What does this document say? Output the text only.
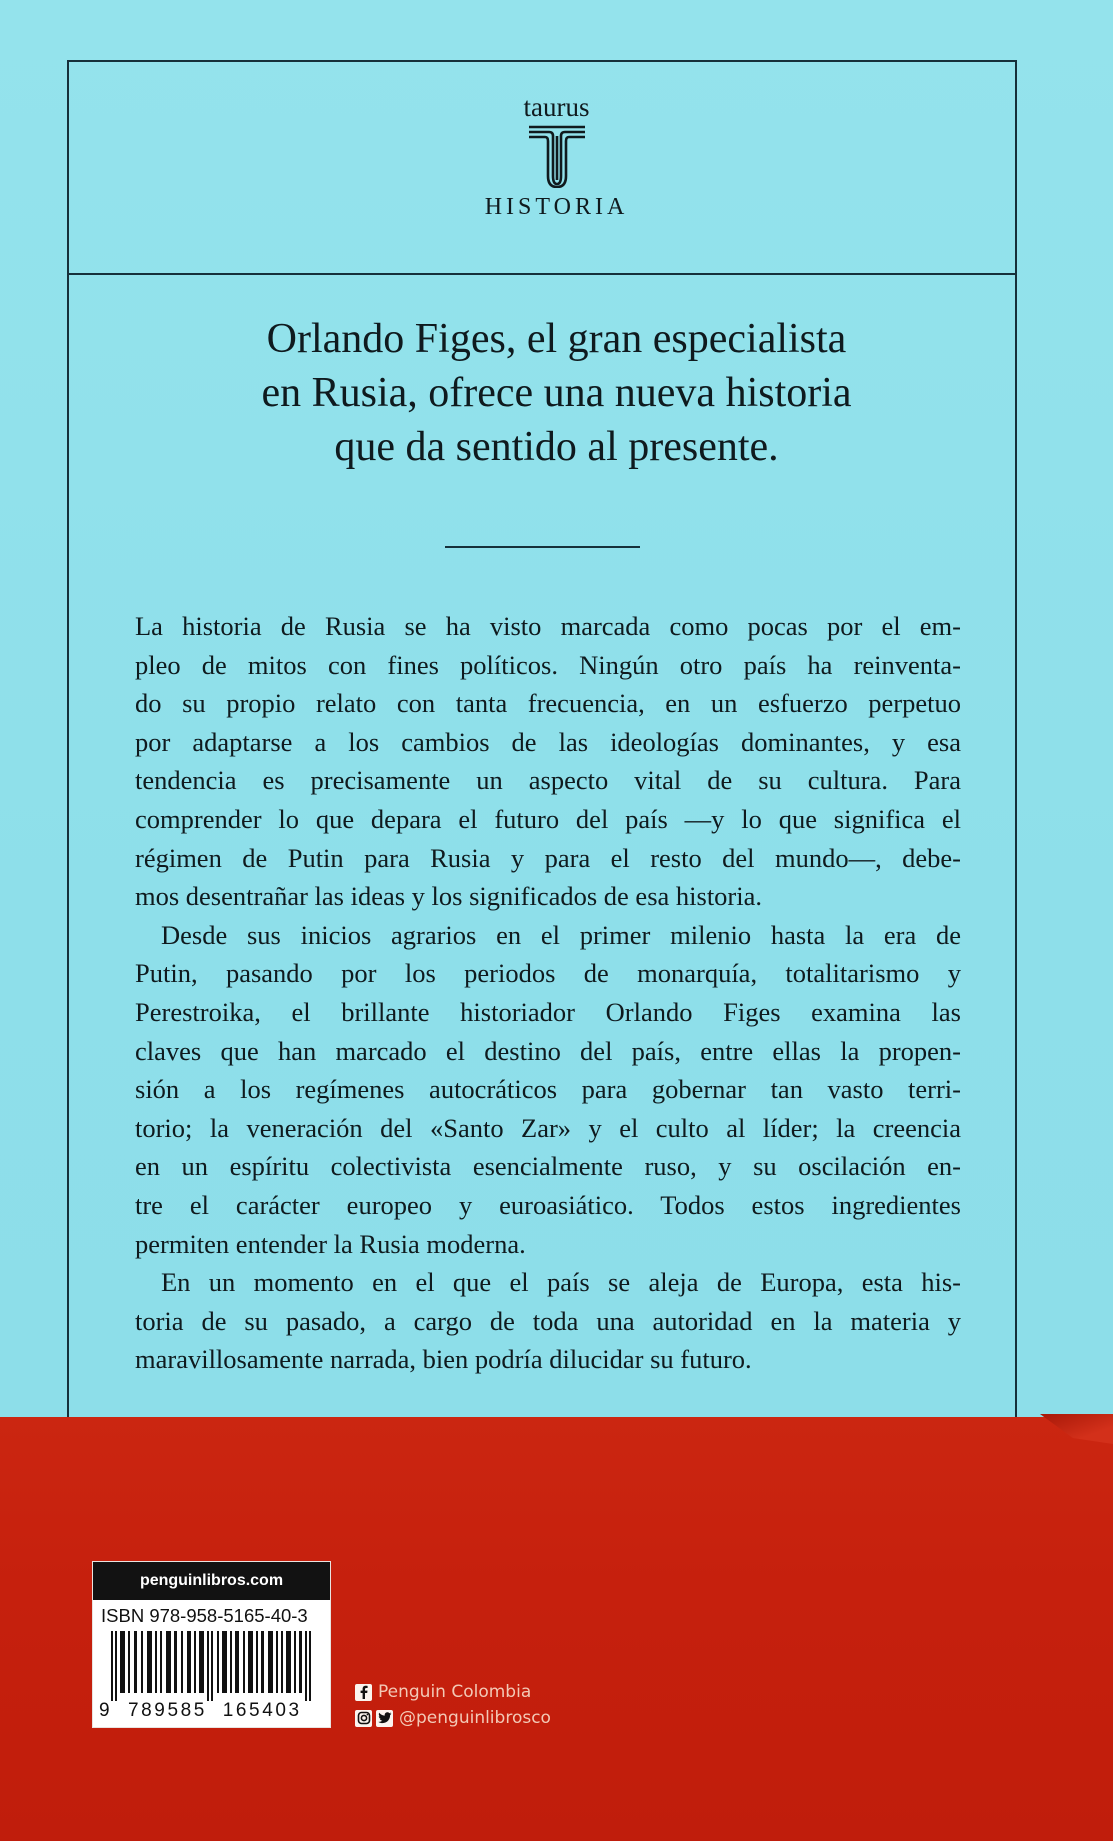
taurus
HISTORIA
Orlando Figes, el gran especialista
en Rusia, ofrece una nueva historia
que da sentido al presente.
La historia de Rusia se ha visto marcada como pocas por el em-
pleo de mitos con fines políticos. Ningún otro país ha reinventa-
do su propio relato con tanta frecuencia, en un esfuerzo perpetuo
por adaptarse a los cambios de las ideologías dominantes, y esa
tendencia es precisamente un aspecto vital de su cultura. Para
comprender lo que depara el futuro del país —y lo que significa el
régimen de Putin para Rusia y para el resto del mundo—, debe-
mos desentrañar las ideas y los significados de esa historia.
Desde sus inicios agrarios en el primer milenio hasta la era de
Putin, pasando por los periodos de monarquía, totalitarismo y
Perestroika, el brillante historiador Orlando Figes examina las
claves que han marcado el destino del país, entre ellas la propen-
sión a los regímenes autocráticos para gobernar tan vasto terri-
torio; la veneración del «Santo Zar» y el culto al líder; la creencia
en un espíritu colectivista esencialmente ruso, y su oscilación en-
tre el carácter europeo y euroasiático. Todos estos ingredientes
permiten entender la Rusia moderna.
En un momento en el que el país se aleja de Europa, esta his-
toria de su pasado, a cargo de toda una autoridad en la materia y
maravillosamente narrada, bien podría dilucidar su futuro.
penguinlibros.com
ISBN 978-958-5165-40-3
9 789585 165403
Penguin Colombia
@penguinlibrosco
